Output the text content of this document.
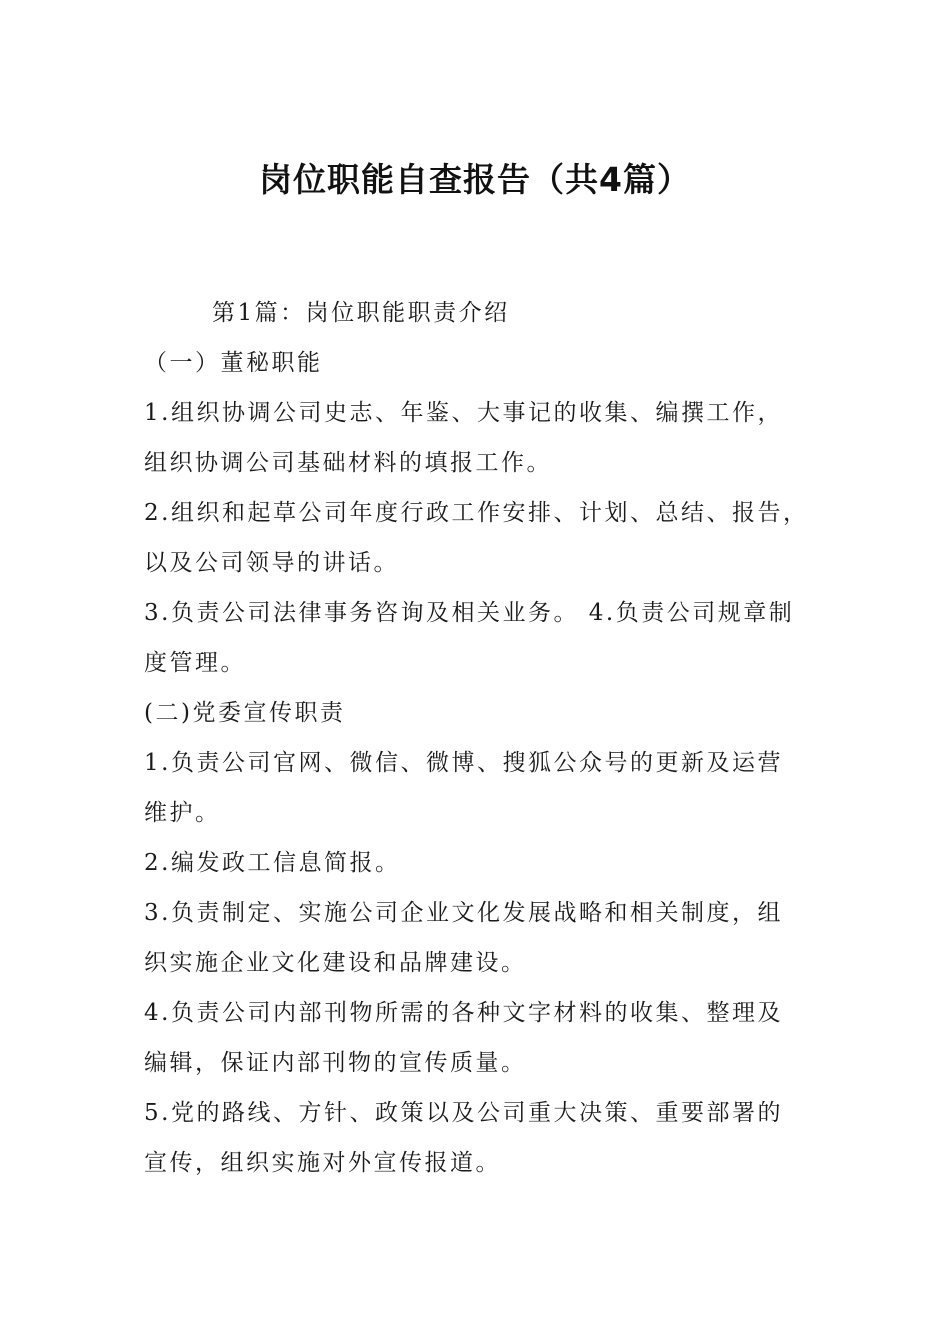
岗位职能自查报告（共4篇）
第1篇：岗位职能职责介绍
（一）董秘职能
1.组织协调公司史志、年鉴、大事记的收集、编撰工作，
组织协调公司基础材料的填报工作。
2.组织和起草公司年度行政工作安排、计划、总结、报告，
以及公司领导的讲话。
3.负责公司法律事务咨询及相关业务。 4.负责公司规章制
度管理。
(二)党委宣传职责
1.负责公司官网、微信、微博、搜狐公众号的更新及运营
维护。
2.编发政工信息简报。
3.负责制定、实施公司企业文化发展战略和相关制度，组
织实施企业文化建设和品牌建设。
4.负责公司内部刊物所需的各种文字材料的收集、整理及
编辑，保证内部刊物的宣传质量。
5.党的路线、方针、政策以及公司重大决策、重要部署的
宣传，组织实施对外宣传报道。
